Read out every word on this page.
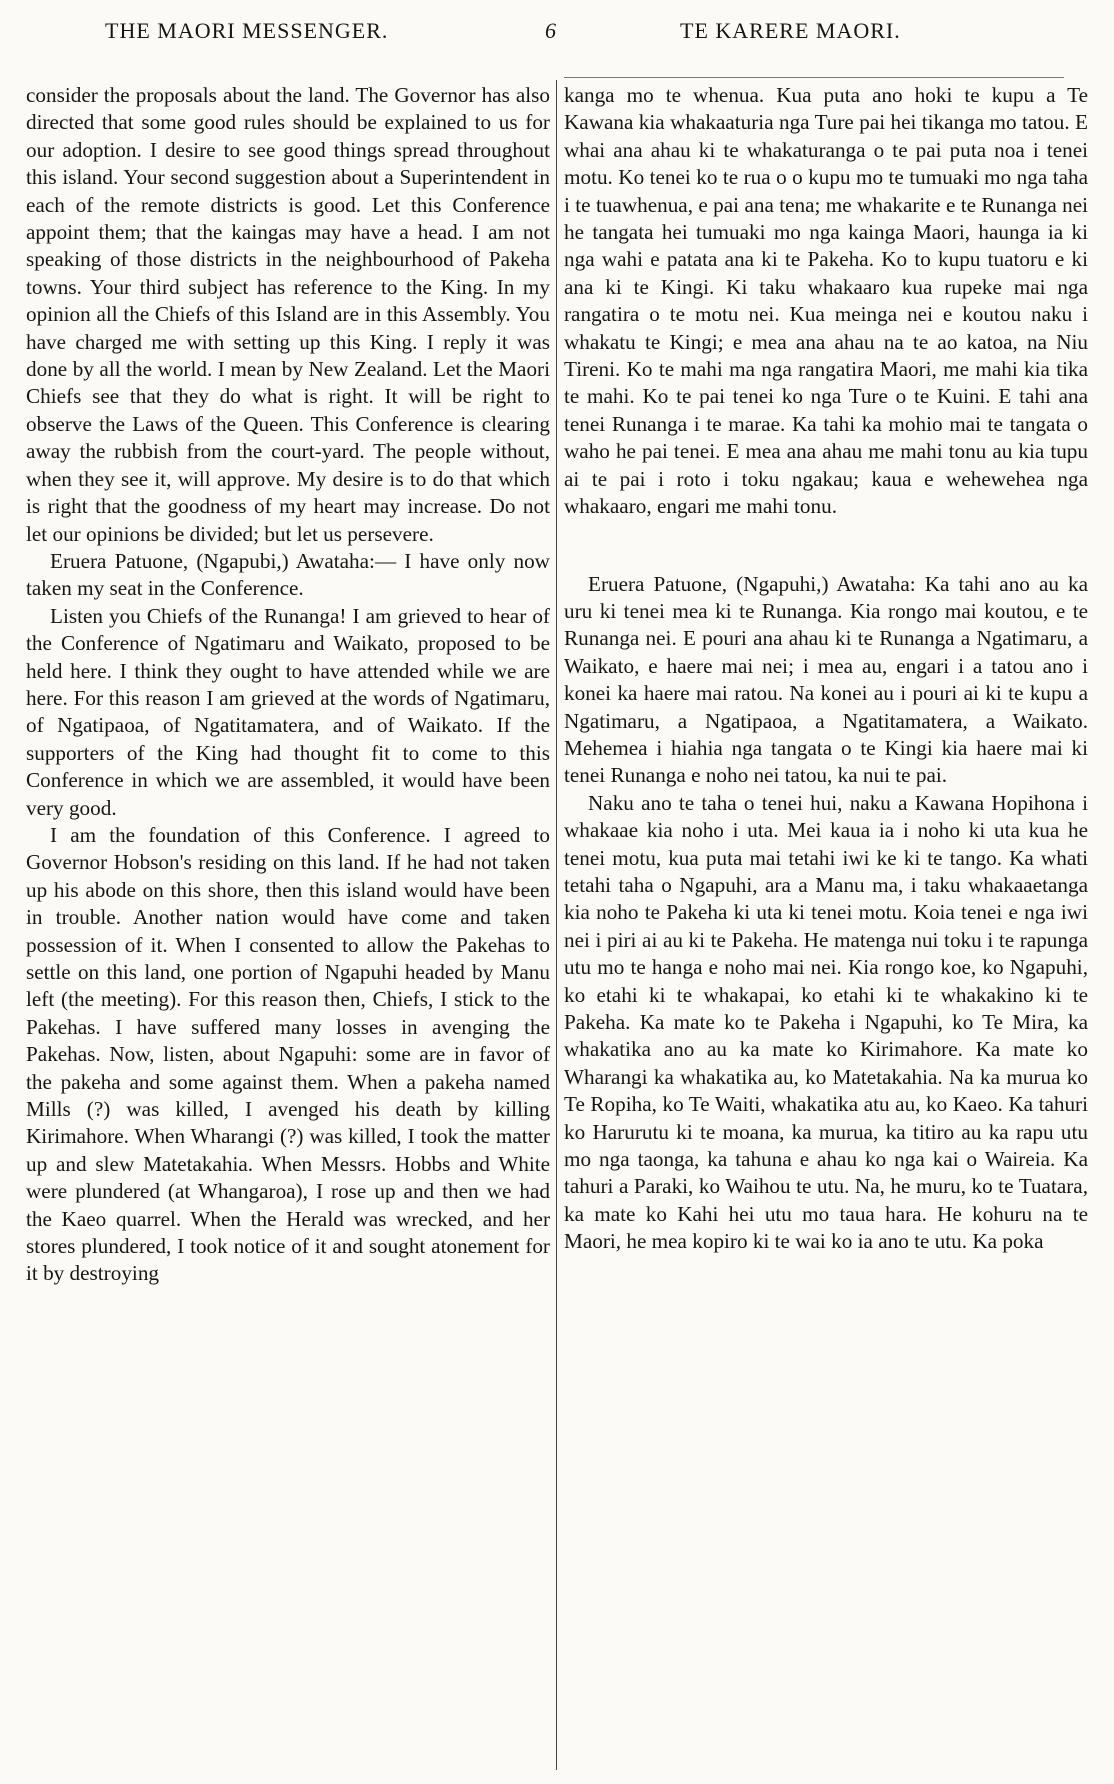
THE MAORI MESSENGER.	6	TE KARERE MAORI.

consider the proposals about the land. The Governor has also directed that some good rules should be explained to us for our adoption. I desire to see good things spread throughout this island. Your second suggestion about a Superintendent in each of the remote districts is good. Let this Conference appoint them; that the kaingas may have a head. I am not speaking of those districts in the neighbourhood of Pakeha towns. Your third subject has reference to the King. In my opinion all the Chiefs of this Island are in this Assembly. You have charged me with setting up this King. I reply it was done by all the world. I mean by New Zealand. Let the Maori Chiefs see that they do what is right. It will be right to observe the Laws of the Queen. This Conference is clearing away the rubbish from the court-yard. The people without, when they see it, will approve. My desire is to do that which is right that the goodness of my heart may increase. Do not let our opinions be divided; but let us persevere.

Eruera Patuone, (Ngapubi,) Awataha:— I have only now taken my seat in the Conference.

Listen you Chiefs of the Runanga! I am grieved to hear of the Conference of Ngatimaru and Waikato, proposed to be held here. I think they ought to have attended while we are here. For this reason I am grieved at the words of Ngatimaru, of Ngatipaoa, of Ngatitamatera, and of Waikato. If the supporters of the King had thought fit to come to this Conference in which we are assembled, it would have been very good.

I am the foundation of this Conference. I agreed to Governor Hobson's residing on this land. If he had not taken up his abode on this shore, then this island would have been in trouble. Another nation would have come and taken possession of it. When I consented to allow the Pakehas to settle on this land, one portion of Ngapuhi headed by Manu left (the meeting). For this reason then, Chiefs, I stick to the Pakehas. I have suffered many losses in avenging the Pakehas. Now, listen, about Ngapuhi: some are in favor of the pakeha and some against them. When a pakeha named Mills (?) was killed, I avenged his death by killing Kirimahore. When Wharangi (?) was killed, I took the matter up and slew Matetakahia. When Messrs. Hobbs and White were plundered (at Whangaroa), I rose up and then we had the Kaeo quarrel. When the Herald was wrecked, and her stores plundered, I took notice of it and sought atonement for it by destroying

kanga mo te whenua. Kua puta ano hoki te kupu a Te Kawana kia whakaaturia nga Ture pai hei tikanga mo tatou. E whai ana ahau ki te whakaturanga o te pai puta noa i tenei motu. Ko tenei ko te rua o o kupu mo te tumuaki mo nga taha i te tuawhenua, e pai ana tena; me whakarite e te Runanga nei he tangata hei tumuaki mo nga kainga Maori, haunga ia ki nga wahi e patata ana ki te Pakeha. Ko to kupu tuatoru e ki ana ki te Kingi. Ki taku whakaaro kua rupeke mai nga rangatira o te motu nei. Kua meinga nei e koutou naku i whakatu te Kingi; e mea ana ahau na te ao katoa, na Niu Tireni. Ko te mahi ma nga rangatira Maori, me mahi kia tika te mahi. Ko te pai tenei ko nga Ture o te Kuini. E tahi ana tenei Runanga i te marae. Ka tahi ka mohio mai te tangata o waho he pai tenei. E mea ana ahau me mahi tonu au kia tupu ai te pai i roto i toku ngakau; kaua e wehewehea nga whakaaro, engari me mahi tonu.

Eruera Patuone, (Ngapuhi,) Awataha: Ka tahi ano au ka uru ki tenei mea ki te Runanga. Kia rongo mai koutou, e te Runanga nei. E pouri ana ahau ki te Runanga a Ngatimaru, a Waikato, e haere mai nei; i mea au, engari i a tatou ano i konei ka haere mai ratou. Na konei au i pouri ai ki te kupu a Ngatimaru, a Ngatipaoa, a Ngatitamatera, a Waikato. Mehemea i hiahia nga tangata o te Kingi kia haere mai ki tenei Runanga e noho nei tatou, ka nui te pai.

Naku ano te taha o tenei hui, naku a Kawana Hopihona i whakaae kia noho i uta. Mei kaua ia i noho ki uta kua he tenei motu, kua puta mai tetahi iwi ke ki te tango. Ka whati tetahi taha o Ngapuhi, ara a Manu ma, i taku whakaaetanga kia noho te Pakeha ki uta ki tenei motu. Koia tenei e nga iwi nei i piri ai au ki te Pakeha. He matenga nui toku i te rapunga utu mo te hanga e noho mai nei. Kia rongo koe, ko Ngapuhi, ko etahi ki te whakapai, ko etahi ki te whakakino ki te Pakeha. Ka mate ko te Pakeha i Ngapuhi, ko Te Mira, ka whakatika ano au ka mate ko Kirimahore. Ka mate ko Wharangi ka whakatika au, ko Matetakahia. Na ka murua ko Te Ropiha, ko Te Waiti, whakatika atu au, ko Kaeo. Ka tahuri ko Harurutu ki te moana, ka murua, ka titiro au ka rapu utu mo nga taonga, ka tahuna e ahau ko nga kai o Waireia. Ka tahuri a Paraki, ko Waihou te utu. Na, he muru, ko te Tuatara, ka mate ko Kahi hei utu mo taua hara. He kohuru na te Maori, he mea kopiro ki te wai ko ia ano te utu. Ka poka
